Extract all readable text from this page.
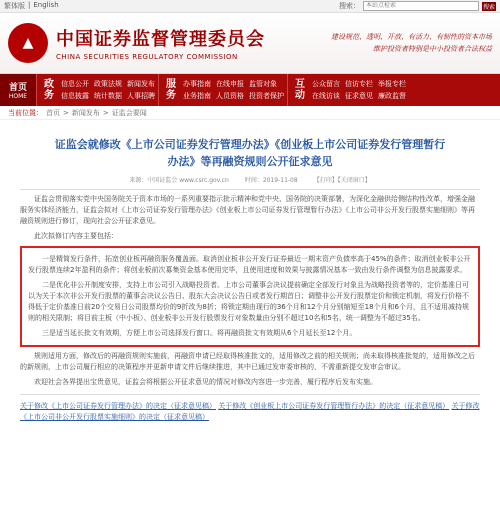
繁体版 | English	搜索：
本站点检索	搜索
▲	中国证券监督管理委员会
CHINA SECURITIES REGULATORY COMMISSION
建设规范、透明、开放、有活力、有韧性的资本市场
维护投资者特别是中小投资者合法权益
首页
HOME
政
务
信息公开 政策法规 新闻发布
信息披露 统计数据 人事招聘
服
务
办事指南 在线申报 监管对象
业务指南 人员资格 投资者保护
互
动
公众留言 信访专栏 举报专栏
在线访谈 征求意见 廉政监督
当前位置： 首页 > 新闻发布 > 证监会要闻
证监会就修改《上市公司证券发行管理办法》《创业板上市公司证券发行管理暂行
办法》等再融资规则公开征求意见
来源：中国证监会 www.csrc.gov.cn	时间：2019-11-08	【打印】【关闭窗口】

证监会贯彻落实党中央国务院关于资本市场的一系列重要指示批示精神和党中央、国务院的决策部署，为深化金融供给侧结构性改革，增强金融服务实体经济能力，证监会拟对《上市公司证券发行管理办法》《创业板上市公司证券发行管理暂行办法》《上市公司非公开发行股票实施细则》等再融资规则进行修订，现向社会公开征求意见。

此次拟修订内容主要包括：

一是精简发行条件，拓宽创业板再融资服务覆盖面。取消创业板非公开发行证券最近一期末资产负债率高于45%的条件；取消创业板非公开发行股票连续2年盈利的条件；将创业板前次募集资金基本使用完毕，且使用进度和效果与披露情况基本一致由发行条件调整为信息披露要求。

二是优化非公开制度安排，支持上市公司引入战略投资者。上市公司董事会决议提前确定全部发行对象且为战略投资者等的，定价基准日可以为关于本次非公开发行股票的董事会决议公告日、股东大会决议公告日或者发行期首日；调整非公开发行股票定价和锁定机制，将发行价格不得低于定价基准日前20个交易日公司股票均价的9折改为8折；将锁定期由现行的36个月和12个月分别缩短至18个月和6个月，且不适用减持规则的相关限制；将目前主板（中小板）、创业板非公开发行股票发行对象数量由分别不超过10名和5名，统一调整为不超过35名。

三是适当延长批文有效期，方便上市公司选择发行窗口。将再融资批文有效期从6个月延长至12个月。

规则适用方面，修改后的再融资规则实施前，再融资申请已经取得核准批文的，适用修改之前的相关规则；尚未取得核准批复的，适用修改之后的新规则，上市公司履行相应的决策程序并更新申请文件后继续推进，其中已通过发审委审核的，不需重新提交发审会审议。

欢迎社会各界提出宝贵意见，证监会将根据公开征求意见的情况对修改内容进一步完善，履行程序后发布实施。

关于修改《上市公司证券发行管理办法》的决定（征求意见稿） 关于修改《创业板上市公司证券发行管理暂行办法》的决定（征求意见稿） 关于修改《上市公司非公开发行股票实施细则》的决定（征求意见稿）
